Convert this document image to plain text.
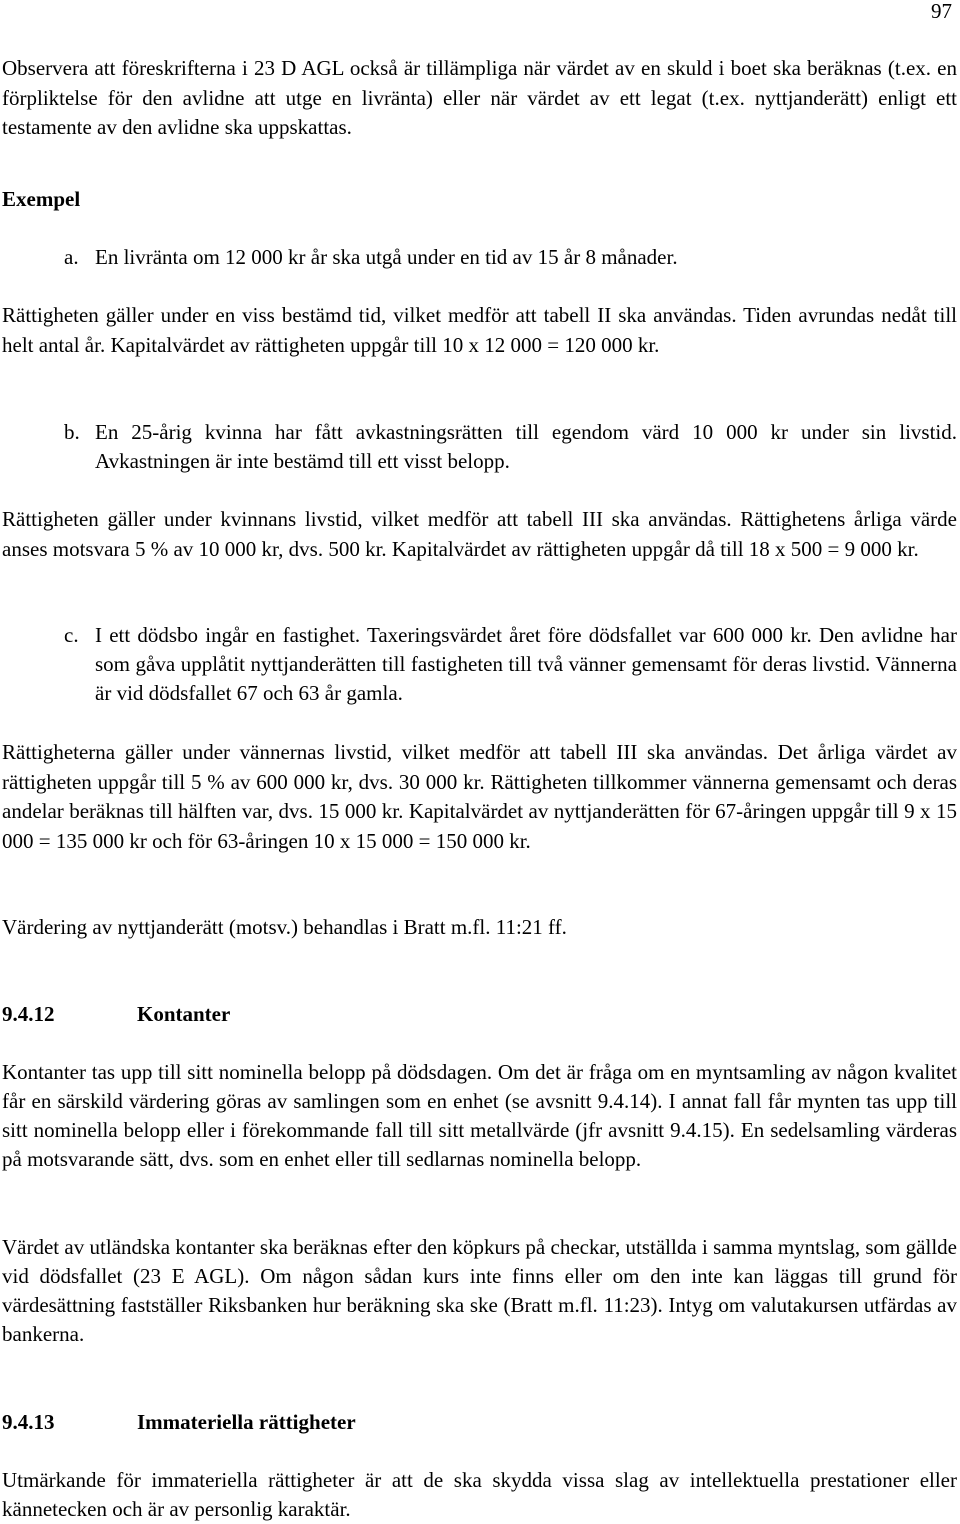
97

Observera att föreskrifterna i 23 D AGL också är tillämpliga när värdet av en skuld i boet ska beräknas (t.ex. en förpliktelse för den avlidne att utge en livränta) eller när värdet av ett legat (t.ex. nyttjanderätt) enligt ett testamente av den avlidne ska uppskattas.

Exempel
a. En livränta om 12 000 kr år ska utgå under en tid av 15 år 8 månader.

Rättigheten gäller under en viss bestämd tid, vilket medför att tabell II ska användas. Tiden avrundas nedåt till helt antal år. Kapitalvärdet av rättigheten uppgår till 10 x 12 000 = 120 000 kr.

b. En 25-årig kvinna har fått avkastningsrätten till egendom värd 10 000 kr under sin livstid. Avkastningen är inte bestämd till ett visst belopp.

Rättigheten gäller under kvinnans livstid, vilket medför att tabell III ska användas. Rättighetens årliga värde anses motsvara 5 % av 10 000 kr, dvs. 500 kr. Kapitalvärdet av rättigheten uppgår då till 18 x 500 = 9 000 kr.

c. I ett dödsbo ingår en fastighet. Taxeringsvärdet året före dödsfallet var 600 000 kr. Den avlidne har som gåva upplåtit nyttjanderätten till fastigheten till två vänner gemensamt för deras livstid. Vännerna är vid dödsfallet 67 och 63 år gamla.

Rättigheterna gäller under vännernas livstid, vilket medför att tabell III ska användas. Det årliga värdet av rättigheten uppgår till 5 % av 600 000 kr, dvs. 30 000 kr. Rättigheten tillkommer vännerna gemensamt och deras andelar beräknas till hälften var, dvs. 15 000 kr. Kapitalvärdet av nyttjanderätten för 67-åringen uppgår till 9 x 15 000 = 135 000 kr och för 63-åringen 10 x 15 000 = 150 000 kr.

Värdering av nyttjanderätt (motsv.) behandlas i Bratt m.fl. 11:21 ff.

9.4.12	Kontanter

Kontanter tas upp till sitt nominella belopp på dödsdagen. Om det är fråga om en myntsamling av någon kvalitet får en särskild värdering göras av samlingen som en enhet (se avsnitt 9.4.14). I annat fall får mynten tas upp till sitt nominella belopp eller i förekommande fall till sitt metallvärde (jfr avsnitt 9.4.15). En sedelsamling värderas på motsvarande sätt, dvs. som en enhet eller till sedlarnas nominella belopp.

Värdet av utländska kontanter ska beräknas efter den köpkurs på checkar, utställda i samma myntslag, som gällde vid dödsfallet (23 E AGL). Om någon sådan kurs inte finns eller om den inte kan läggas till grund för värdesättning fastställer Riksbanken hur beräkning ska ske (Bratt m.fl. 11:23). Intyg om valutakursen utfärdas av bankerna.

9.4.13	Immateriella rättigheter

Utmärkande för immateriella rättigheter är att de ska skydda vissa slag av intellektuella prestationer eller kännetecken och är av personlig karaktär.
